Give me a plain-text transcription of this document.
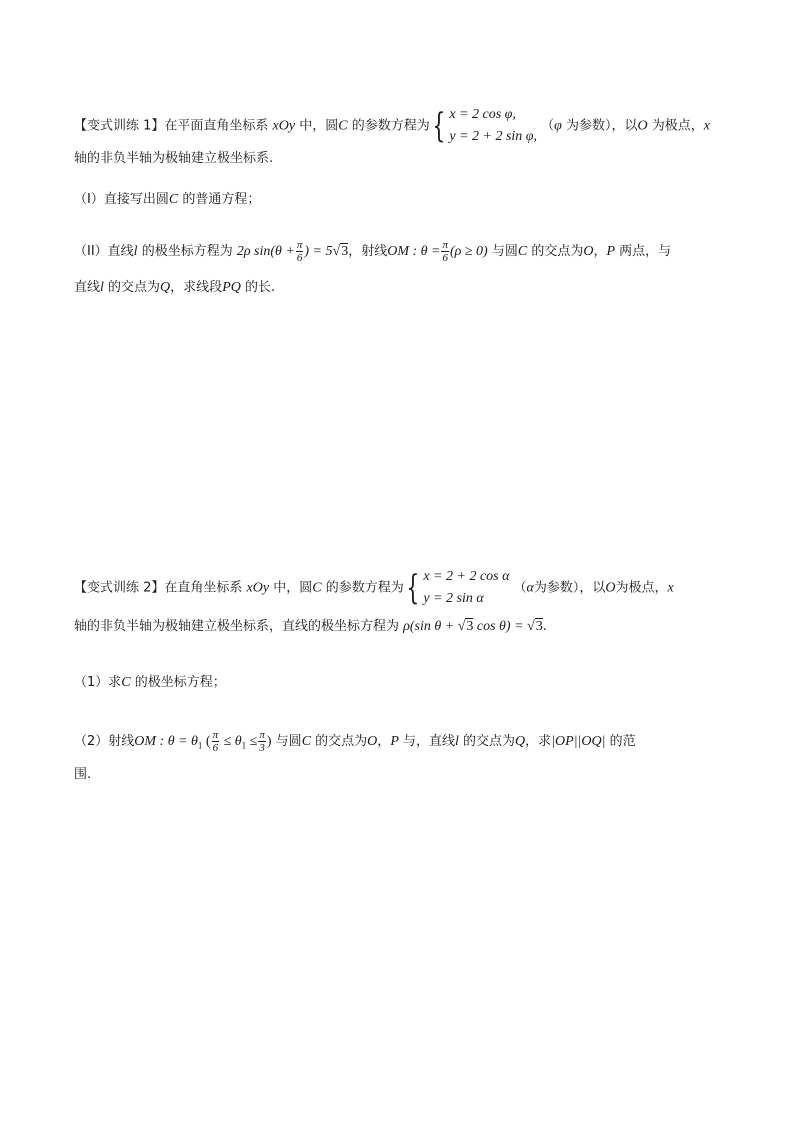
【变式训练 1】在平面直角坐标系 xOy 中，圆C 的参数方程为{ x = 2 cos φ,
y = 2 + 2 sin φ,
（φ 为参数），以O 为极点，x
轴的非负半轴为极轴建立极坐标系.
（I）直接写出圆C 的普通方程；
（II）直线l 的极坐标方程为 2ρ $\sin(\theta + \frac{\pi}{6}$ ) = 5√3，射线OM : $\theta = \frac{\pi}{6} (\rho \ge 0)$ 与圆C 的交点为O，P 两点，与
直线l 的交点为Q，求线段PQ 的长.
【变式训练 2】在直角坐标系 xOy 中，圆C 的参数方程为{ x = 2 + 2 cos α
y = 2 sin α
（α为参数），以O为极点，x
轴的非负半轴为极轴建立极坐标系，直线的极坐标方程为 ρ(sin θ + √3 cos θ) = √3.
（1）求C 的极坐标方程；
（2）射线OM : $\theta = \theta_1$ ( $\frac{\pi}{6} \le \theta_1 \le \frac{\pi}{3}$ ) 与圆C 的交点为O，P 与，直线l 的交点为Q，求|OP||OQ| 的范
围.
